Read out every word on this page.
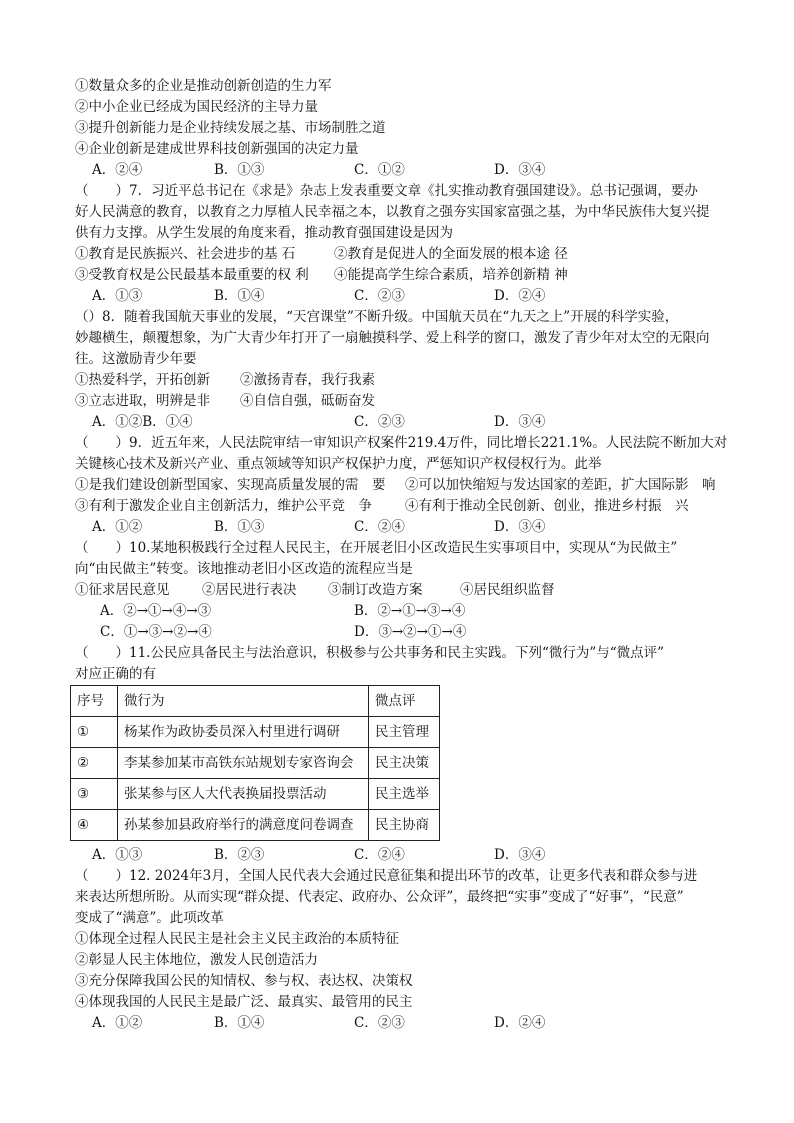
①数量众多的企业是推动创新创造的生力军
②中小企业已经成为国民经济的主导力量
③提升创新能力是企业持续发展之基、市场制胜之道
④企业创新是建成世界科技创新强国的决定力量
A．②④	B．①③	C．①②	D．③④
（　　）7．习近平总书记在《求是》杂志上发表重要文章《扎实推动教育强国建设》。总书记强调，要办
好人民满意的教育，以教育之力厚植人民幸福之本，以教育之强夯实国家富强之基，为中华民族伟大复兴提
供有力支撑。从学生发展的角度来看，推动教育强国建设是因为
①教育是民族振兴、社会进步的基 石	②教育是促进人的全面发展的根本途 径
③受教育权是公民最基本最重要的权 利 ④能提高学生综合素质，培养创新精 神
A．①③	B．①④	C．②③	D．②④
（）8．随着我国航天事业的发展，“天宫课堂”不断升级。中国航天员在“九天之上”开展的科学实验，
妙趣横生，颠覆想象，为广大青少年打开了一扇触摸科学、爱上科学的窗口，激发了青少年对太空的无限向
往。这激励青少年要
①热爱科学，开拓创新 ②激扬青春，我行我素
③立志进取，明辨是非 ④自信自强，砥砺奋发
A．①②B．①④	C．②③	D．③④
（　　）9．近五年来，人民法院审结一审知识产权案件219.4万件，同比增长221.1%。人民法院不断加大对
关键核心技术及新兴产业、重点领域等知识产权保护力度，严惩知识产权侵权行为。此举
①是我们建设创新型国家、实现高质量发展的需　要 ②可以加快缩短与发达国家的差距，扩大国际影　响
③有利于激发企业自主创新活力，维护公平竞　争 ④有利于推动全民创新、创业，推进乡村振　兴
A．①②	B．①③	C．②④	D．③④
（　　）10.某地积极践行全过程人民民主，在开展老旧小区改造民生实事项目中，实现从“为民做主”
向“由民做主”转变。该地推动老旧小区改造的流程应当是
①征求居民意见 ②居民进行表决 ③制订改造方案	④居民组织监督
A．②→①→④→③	B．②→①→③→④
C．①→③→②→④	D．③→②→①→④
（　　）11.公民应具备民主与法治意识，积极参与公共事务和民主实践。下列“微行为”与“微点评”
对应正确的有
序号	微行为	微点评
①	杨某作为政协委员深入村里进行调研	民主管理
②	李某参加某市高铁东站规划专家咨询会	民主决策
③	张某参与区人大代表换届投票活动	民主选举
④	孙某参加县政府举行的满意度问卷调查	民主协商
A．①③	B．②③	C．②④	D．③④
（　　）12. 2024年3月，全国人民代表大会通过民意征集和提出环节的改革，让更多代表和群众参与进
来表达所想所盼。从而实现“群众提、代表定、政府办、公众评”，最终把“实事”变成了“好事”，“民意”
变成了“满意”。此项改革
①体现全过程人民民主是社会主义民主政治的本质特征
②彰显人民主体地位，激发人民创造活力
③充分保障我国公民的知情权、参与权、表达权、决策权
④体现我国的人民民主是最广泛、最真实、最管用的民主
A．①②	B．①④	C．②③	D．②④
